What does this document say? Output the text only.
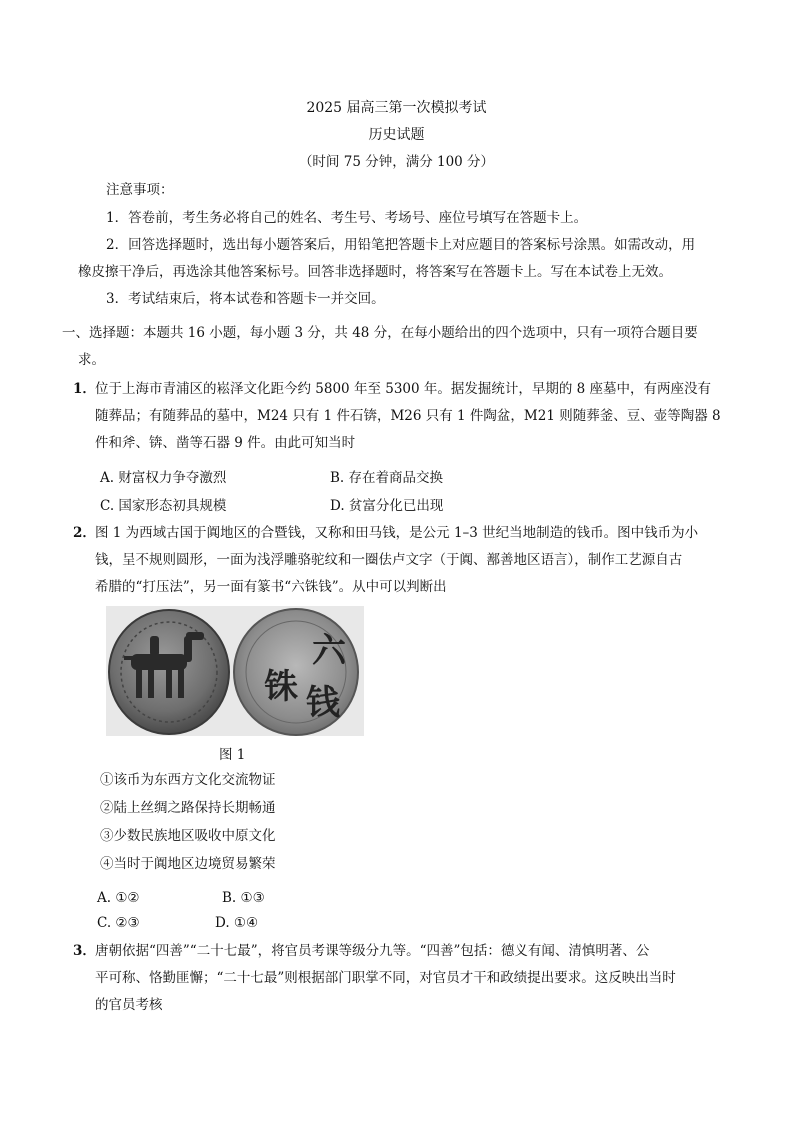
2025 届高三第一次模拟考试
历史试题
（时间 75 分钟，满分 100 分）
注意事项：
1．答卷前，考生务必将自己的姓名、考生号、考场号、座位号填写在答题卡上。
2．回答选择题时，选出每小题答案后，用铅笔把答题卡上对应题目的答案标号涂黑。如需改动，用
橡皮擦干净后，再选涂其他答案标号。回答非选择题时，将答案写在答题卡上。写在本试卷上无效。
3．考试结束后，将本试卷和答题卡一并交回。
一、选择题：本题共 16 小题，每小题 3 分，共 48 分，在每小题给出的四个选项中，只有一项符合题目要
求。
1． 位于上海市青浦区的崧泽文化距今约 5800 年至 5300 年。据发掘统计，早期的 8 座墓中，有两座没有
随葬品；有随葬品的墓中，M24 只有 1 件石锛，M26 只有 1 件陶盆，M21 则随葬釜、豆、壶等陶器 8
件和斧、锛、凿等石器 9 件。由此可知当时
A. 财富权力争夺激烈	B. 存在着商品交换
C. 国家形态初具规模	D. 贫富分化已出现
2． 图 1 为西域古国于阗地区的合暨钱，又称和田马钱，是公元 1–3 世纪当地制造的钱币。图中钱币为小
钱，呈不规则圆形，一面为浅浮雕骆驼纹和一圈佉卢文字（于阗、鄯善地区语言），制作工艺源自古
希腊的“打压法”，另一面有篆书“六铢钱”。从中可以判断出
六
铢 钱
图 1
①该币为东西方文化交流物证
②陆上丝绸之路保持长期畅通
③少数民族地区吸收中原文化
④当时于阗地区边境贸易繁荣
A. ①②	B. ①③
C. ②③	D. ①④
3． 唐朝依据“四善”“二十七最”，将官员考课等级分九等。“四善”包括：德义有闻、清慎明著、公
平可称、恪勤匪懈；“二十七最”则根据部门职掌不同，对官员才干和政绩提出要求。这反映出当时
的官员考核
